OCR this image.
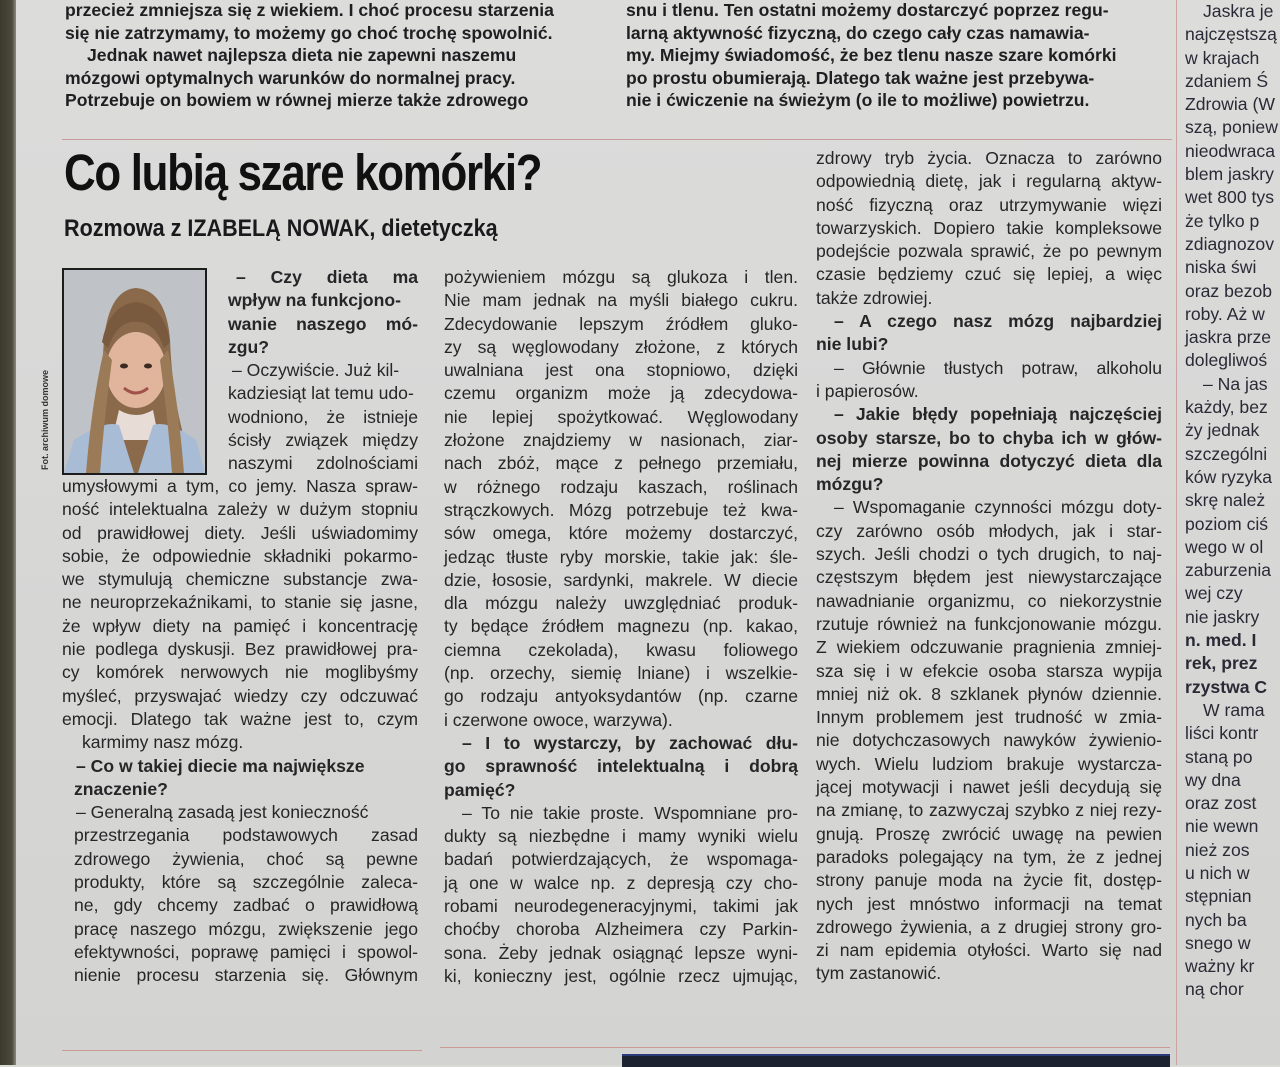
przecież zmniejsza się z wiekiem. I choć procesu starzenia

się nie zatrzymamy, to możemy go choć trochę spowolnić.

Jednak nawet najlepsza dieta nie zapewni naszemu

mózgowi optymalnych warunków do normalnej pracy.

Potrzebuje on bowiem w równej mierze także zdrowego

snu i tlenu. Ten ostatni możemy dostarczyć poprzez regu-

larną aktywność fizyczną, do czego cały czas namawia-

my. Miejmy świadomość, że bez tlenu nasze szare komórki

po prostu obumierają. Dlatego tak ważne jest przebywa-

nie i ćwiczenie na świeżym (o ile to możliwe) powietrzu.

Co lubią szare komórki?
Rozmowa z IZABELĄ NOWAK, dietetyczką
Fot. archiwum domowe

– Czy dieta ma

wpływ na funkcjono-

wanie naszego mó-

zgu?

– Oczywiście. Już kil-

kadziesiąt lat temu udo-

wodniono, że istnieje

ścisły związek między

naszymi zdolnościami

umysłowymi a tym, co jemy. Nasza spraw-

ność intelektualna zależy w dużym stopniu

od prawidłowej diety. Jeśli uświadomimy

sobie, że odpowiednie składniki pokarmo-

we stymulują chemiczne substancje zwa-

ne neuroprzekaźnikami, to stanie się jasne,

że wpływ diety na pamięć i koncentrację

nie podlega dyskusji. Bez prawidłowej pra-

cy komórek nerwowych nie moglibyśmy

myśleć, przyswajać wiedzy czy odczuwać

emocji. Dlatego tak ważne jest to, czym

karmimy nasz mózg.

– Co w takiej diecie ma największe

znaczenie?

– Generalną zasadą jest konieczność

przestrzegania podstawowych zasad

zdrowego żywienia, choć są pewne

produkty, które są szczególnie zaleca-

ne, gdy chcemy zadbać o prawidłową

pracę naszego mózgu, zwiększenie jego

efektywności, poprawę pamięci i spowol-

nienie procesu starzenia się. Głównym

pożywieniem mózgu są glukoza i tlen.

Nie mam jednak na myśli białego cukru.

Zdecydowanie lepszym źródłem gluko-

zy są węglowodany złożone, z których

uwalniana jest ona stopniowo, dzięki

czemu organizm może ją zdecydowa-

nie lepiej spożytkować. Węglowodany

złożone znajdziemy w nasionach, ziar-

nach zbóż, mące z pełnego przemiału,

w różnego rodzaju kaszach, roślinach

strączkowych. Mózg potrzebuje też kwa-

sów omega, które możemy dostarczyć,

jedząc tłuste ryby morskie, takie jak: śle-

dzie, łososie, sardynki, makrele. W diecie

dla mózgu należy uwzględniać produk-

ty będące źródłem magnezu (np. kakao,

ciemna czekolada), kwasu foliowego

(np. orzechy, siemię lniane) i wszelkie-

go rodzaju antyoksydantów (np. czarne

i czerwone owoce, warzywa).

– I to wystarczy, by zachować dłu-

go sprawność intelektualną i dobrą

pamięć?

– To nie takie proste. Wspomniane pro-

dukty są niezbędne i mamy wyniki wielu

badań potwierdzających, że wspomaga-

ją one w walce np. z depresją czy cho-

robami neurodegeneracyjnymi, takimi jak

choćby choroba Alzheimera czy Parkin-

sona. Żeby jednak osiągnąć lepsze wyni-

ki, konieczny jest, ogólnie rzecz ujmując,

zdrowy tryb życia. Oznacza to zarówno

odpowiednią dietę, jak i regularną aktyw-

ność fizyczną oraz utrzymywanie więzi

towarzyskich. Dopiero takie kompleksowe

podejście pozwala sprawić, że po pewnym

czasie będziemy czuć się lepiej, a więc

także zdrowiej.

– A czego nasz mózg najbardziej

nie lubi?

– Głównie tłustych potraw, alkoholu

i papierosów.

– Jakie błędy popełniają najczęściej

osoby starsze, bo to chyba ich w głów-

nej mierze powinna dotyczyć dieta dla

mózgu?

– Wspomaganie czynności mózgu doty-

czy zarówno osób młodych, jak i star-

szych. Jeśli chodzi o tych drugich, to naj-

częstszym błędem jest niewystarczające

nawadnianie organizmu, co niekorzystnie

rzutuje również na funkcjonowanie mózgu.

Z wiekiem odczuwanie pragnienia zmniej-

sza się i w efekcie osoba starsza wypija

mniej niż ok. 8 szklanek płynów dziennie.

Innym problemem jest trudność w zmia-

nie dotychczasowych nawyków żywienio-

wych. Wielu ludziom brakuje wystarcza-

jącej motywacji i nawet jeśli decydują się

na zmianę, to zazwyczaj szybko z niej rezy-

gnują. Proszę zwrócić uwagę na pewien

paradoks polegający na tym, że z jednej

strony panuje moda na życie fit, dostęp-

nych jest mnóstwo informacji na temat

zdrowego żywienia, a z drugiej strony gro-

zi nam epidemia otyłości. Warto się nad

tym zastanowić.

Jaskra je

najczęstszą

w krajach

zdaniem Ś

Zdrowia (W

szą, poniew

nieodwraca

blem jaskry

wet 800 tys

że tylko p

zdiagnozov

niska świ

oraz bezob

roby. Aż w

jaskra prze

dolegliwoś

– Na jas

każdy, bez

ży jednak

szczególni

ków ryzyka

skrę należ

poziom ciś

wego w ol

zaburzenia

wej czy

nie jaskry

n. med. I

rek, prez

rzystwa C

W rama

liści kontr

staną po

wy dna

oraz zost

nie wewn

nież zos

u nich w

stępnian

nych ba

snego w

ważny kr

ną chor
